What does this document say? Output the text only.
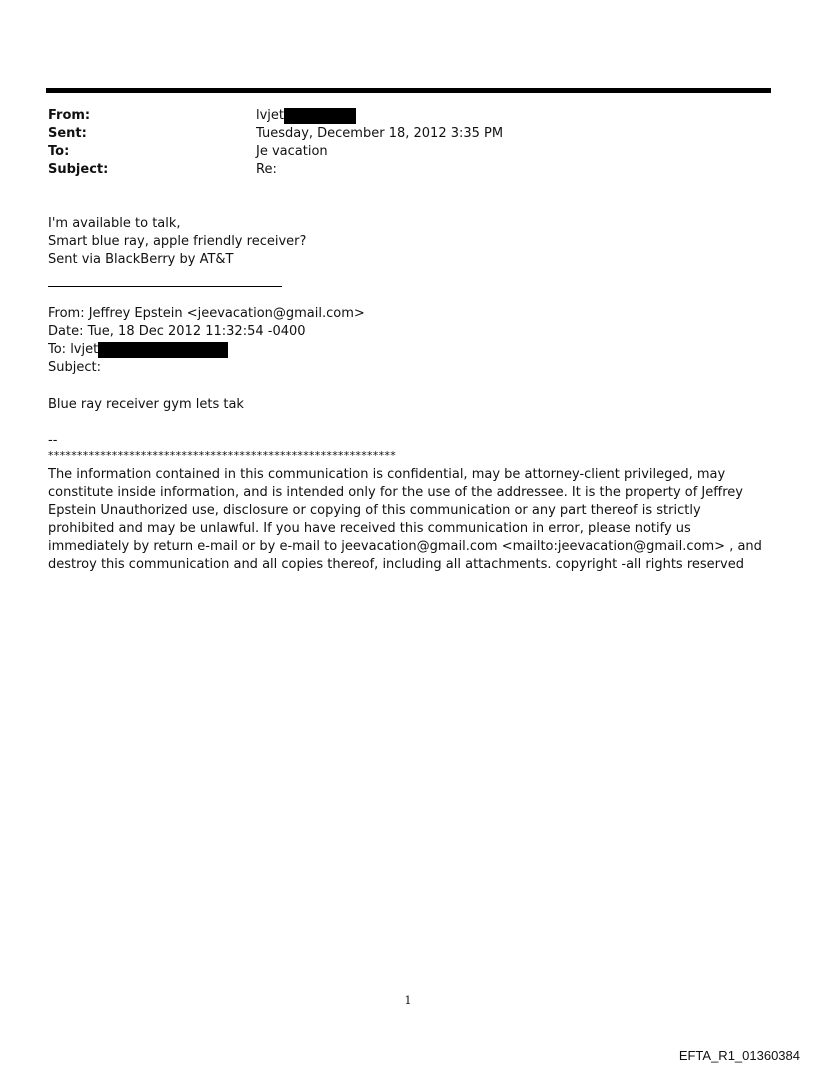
From:	lvjet
Sent:	Tuesday, December 18, 2012 3:35 PM
To:	Je vacation
Subject:	Re:
I'm available to talk,
Smart blue ray, apple friendly receiver?
Sent via BlackBerry by AT&T
From: Jeffrey Epstein <jeevacation@gmail.com>
Date: Tue, 18 Dec 2012 11:32:54 -0400
To: lvjet
Subject:
Blue ray receiver gym lets tak
--
************************************************************
The information contained in this communication is confidential, may be attorney-client privileged, may constitute inside information, and is intended only for the use of the addressee. It is the property of Jeffrey Epstein Unauthorized use, disclosure or copying of this communication or any part thereof is strictly prohibited and may be unlawful. If you have received this communication in error, please notify us immediately by return e-mail or by e-mail to jeevacation@gmail.com <mailto:jeevacation@gmail.com> , and destroy this communication and all copies thereof, including all attachments. copyright -all rights reserved
1
EFTA_R1_01360384
